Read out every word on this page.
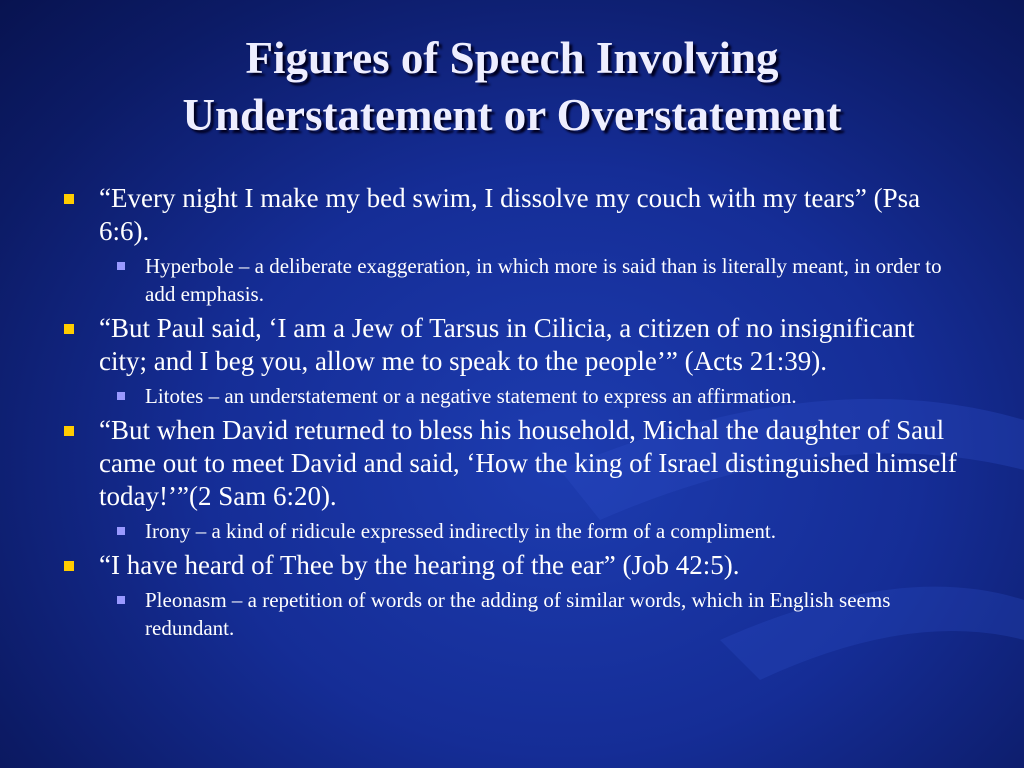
Figures of Speech Involving
Understatement or Overstatement
“Every night I make my bed swim, I dissolve my couch with my tears” (Psa 6:6).
Hyperbole – a deliberate exaggeration, in which more is said than is literally meant, in order to add emphasis.
“But Paul said, ‘I am a Jew of Tarsus in Cilicia, a citizen of no insignificant city; and I beg you, allow me to speak to the people’” (Acts 21:39).
Litotes – an understatement or a negative statement to express an affirmation.
“But when David returned to bless his household, Michal the daughter of Saul came out to meet David and said, ‘How the king of Israel distinguished himself today!’”(2 Sam 6:20).
Irony – a kind of ridicule expressed indirectly in the form of a compliment.
“I have heard of Thee by the hearing of the ear” (Job 42:5).
Pleonasm – a repetition of words or the adding of similar words, which in English seems redundant.
